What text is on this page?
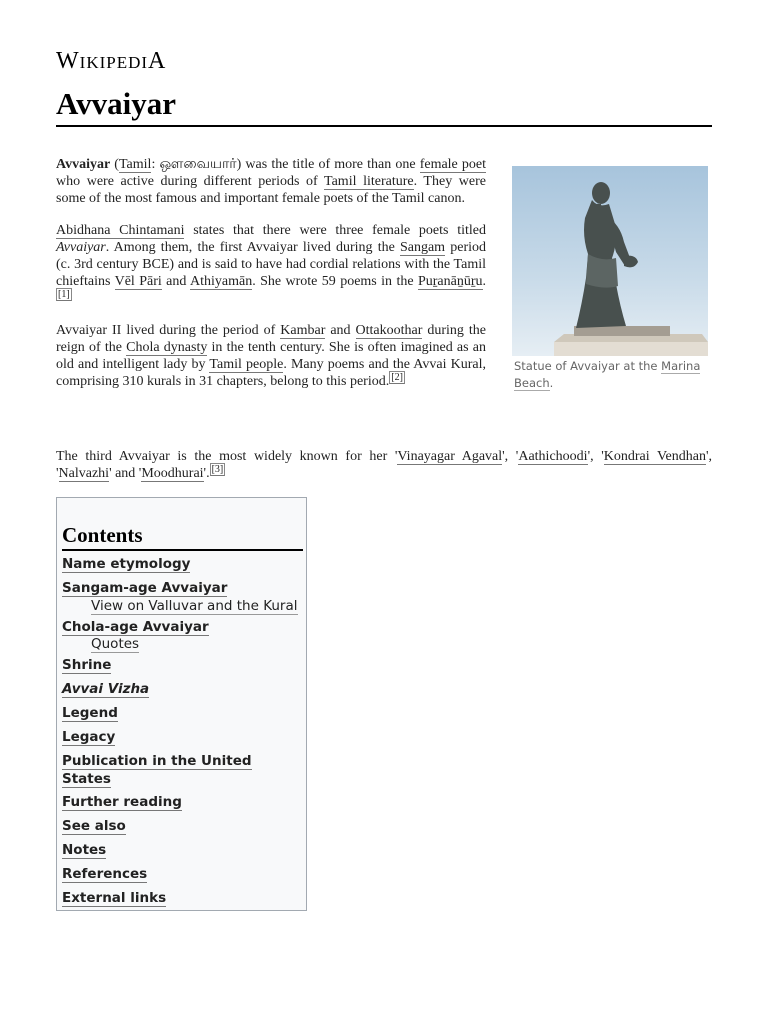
WIKIPEDIA
Avvaiyar

Avvaiyar (Tamil: ஔவையார்) was the title of more than one female poet who were active during different periods of Tamil literature. They were some of the most famous and important female poets of the Tamil canon.

Abidhana Chintamani states that there were three female poets titled Avvaiyar. Among them, the first Avvaiyar lived during the Sangam period (c. 3rd century BCE) and is said to have had cordial relations with the Tamil chieftains Vēl Pāri and Athiyamān. She wrote 59 poems in the Puṟanāṉūṟu.[1]

Avvaiyar II lived during the period of Kambar and Ottakoothar during the reign of the Chola dynasty in the tenth century. She is often imagined as an old and intelligent lady by Tamil people. Many poems and the Avvai Kural, comprising 310 kurals in 31 chapters, belong to this period. [2]

Statue of Avvaiyar at the Marina Beach.

The third Avvaiyar is the most widely known for her 'Vinayagar Agaval', 'Aathichoodi', 'Kondrai Vendhan', 'Nalvazhi' and 'Moodhurai'. [3]

Contents
Name etymology
Sangam-age Avvaiyar
View on Valluvar and the Kural
Chola-age Avvaiyar
Quotes
Shrine
Avvai Vizha
Legend
Legacy
Publication in the United States
Further reading
See also
Notes
References
External links
